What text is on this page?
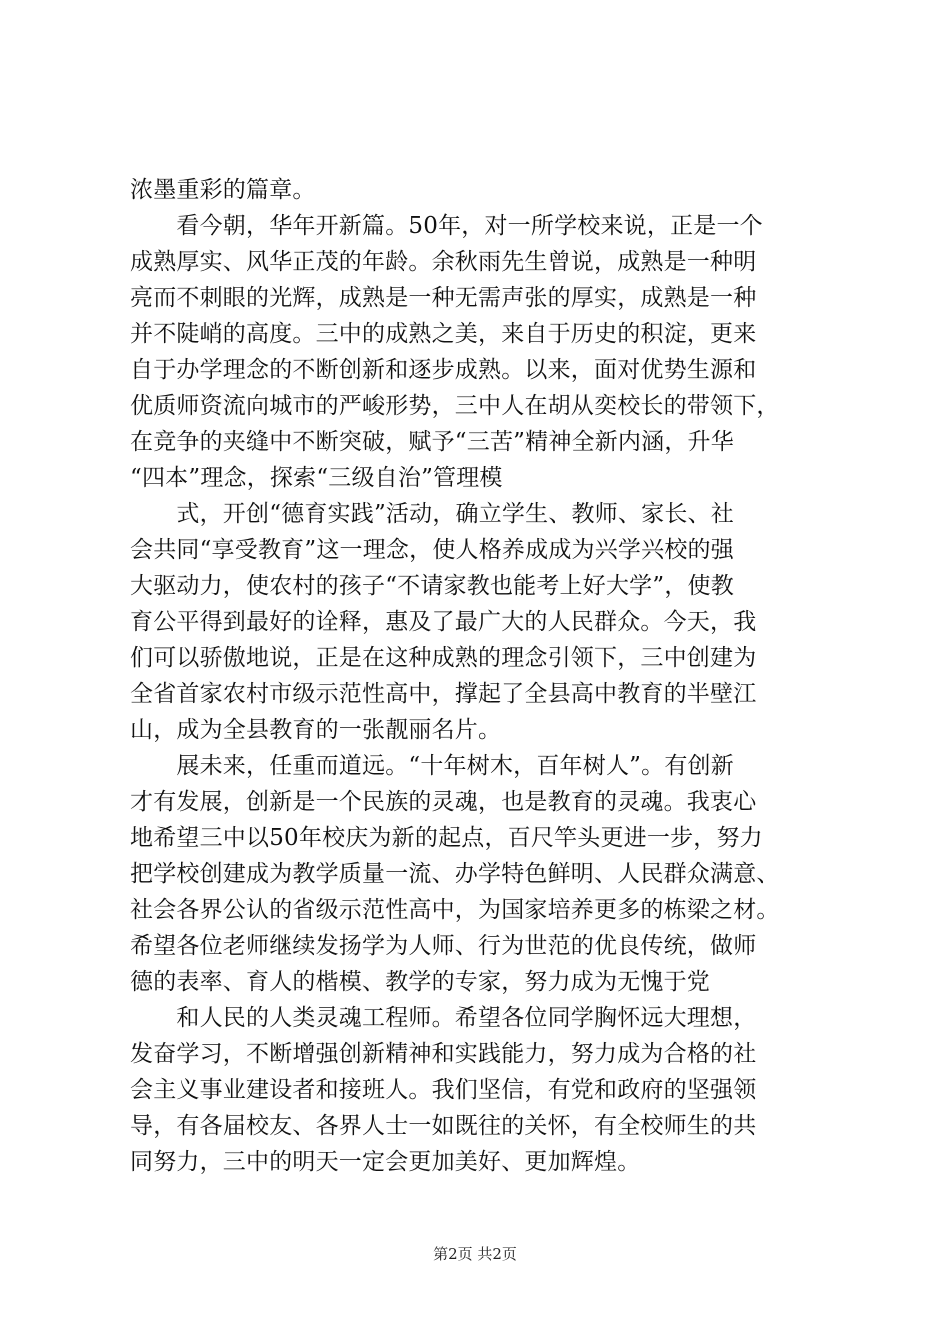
浓墨重彩的篇章。
　　看今朝，华年开新篇。50年，对一所学校来说，正是一个
成熟厚实、风华正茂的年龄。余秋雨先生曾说，成熟是一种明
亮而不刺眼的光辉，成熟是一种无需声张的厚实，成熟是一种
并不陡峭的高度。三中的成熟之美，来自于历史的积淀，更来
自于办学理念的不断创新和逐步成熟。以来，面对优势生源和
优质师资流向城市的严峻形势，三中人在胡从奕校长的带领下，
在竞争的夹缝中不断突破，赋予“三苦”精神全新内涵，升华
“四本”理念，探索“三级自治”管理模
　　式，开创“德育实践”活动，确立学生、教师、家长、社
会共同“享受教育”这一理念，使人格养成成为兴学兴校的强
大驱动力，使农村的孩子“不请家教也能考上好大学”，使教
育公平得到最好的诠释，惠及了最广大的人民群众。今天，我
们可以骄傲地说，正是在这种成熟的理念引领下，三中创建为
全省首家农村市级示范性高中，撑起了全县高中教育的半壁江
山，成为全县教育的一张靓丽名片。
　　展未来，任重而道远。“十年树木，百年树人”。有创新
才有发展，创新是一个民族的灵魂，也是教育的灵魂。我衷心
地希望三中以50年校庆为新的起点，百尺竿头更进一步，努力
把学校创建成为教学质量一流、办学特色鲜明、人民群众满意、
社会各界公认的省级示范性高中，为国家培养更多的栋梁之材。
希望各位老师继续发扬学为人师、行为世范的优良传统，做师
德的表率、育人的楷模、教学的专家，努力成为无愧于党
　　和人民的人类灵魂工程师。希望各位同学胸怀远大理想，
发奋学习，不断增强创新精神和实践能力，努力成为合格的社
会主义事业建设者和接班人。我们坚信，有党和政府的坚强领
导，有各届校友、各界人士一如既往的关怀，有全校师生的共
同努力，三中的明天一定会更加美好、更加辉煌。
第2页 共2页
